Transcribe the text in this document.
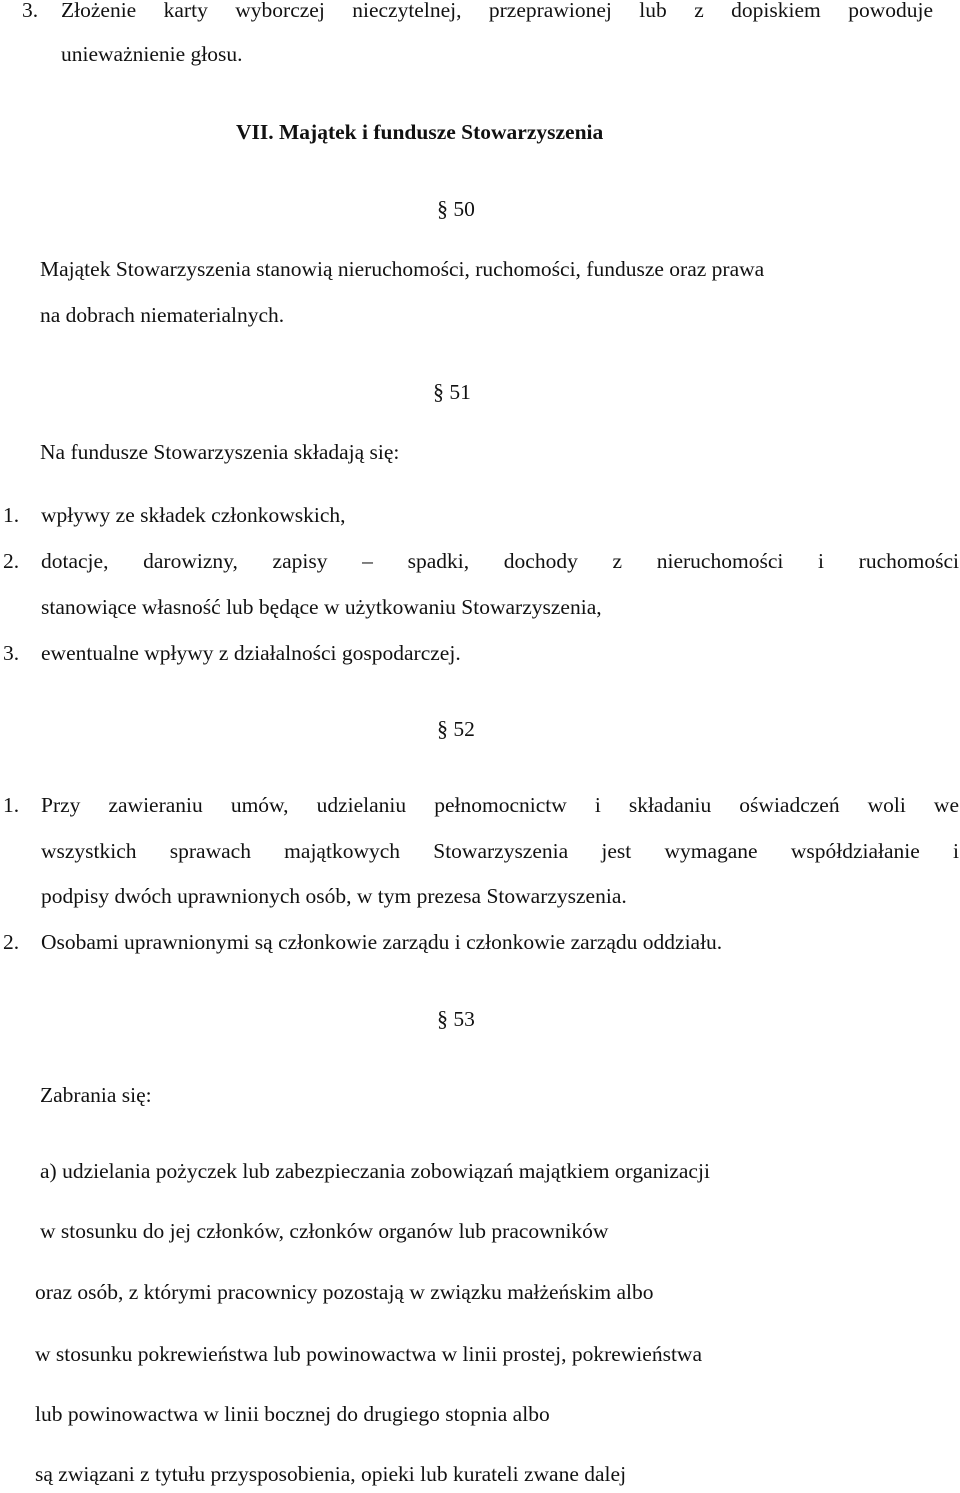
3. Złożenie karty wyborczej nieczytelnej, przeprawionej lub z dopiskiem powoduje
unieważnienie głosu.
VII. Majątek i fundusze Stowarzyszenia
§ 50
Majątek Stowarzyszenia stanowią nieruchomości, ruchomości, fundusze oraz prawa
na dobrach niematerialnych.
§ 51
Na fundusze Stowarzyszenia składają się:
1. wpływy ze składek członkowskich,
2. dotacje, darowizny, zapisy – spadki, dochody z nieruchomości i ruchomości
stanowiące własność lub będące w użytkowaniu Stowarzyszenia,
3. ewentualne wpływy z działalności gospodarczej.
§ 52
1. Przy zawieraniu umów, udzielaniu pełnomocnictw i składaniu oświadczeń woli we
wszystkich sprawach majątkowych Stowarzyszenia jest wymagane współdziałanie i
podpisy dwóch uprawnionych osób, w tym prezesa Stowarzyszenia.
2. Osobami uprawnionymi są członkowie zarządu i członkowie zarządu oddziału.
§ 53
Zabrania się:
a) udzielania pożyczek lub zabezpieczania zobowiązań majątkiem organizacji
w stosunku do jej członków, członków organów lub pracowników
oraz osób, z którymi pracownicy pozostają w związku małżeńskim albo
w stosunku pokrewieństwa lub powinowactwa w linii prostej, pokrewieństwa
lub powinowactwa w linii bocznej do drugiego stopnia albo
są związani z tytułu przysposobienia, opieki lub kurateli zwane dalej
